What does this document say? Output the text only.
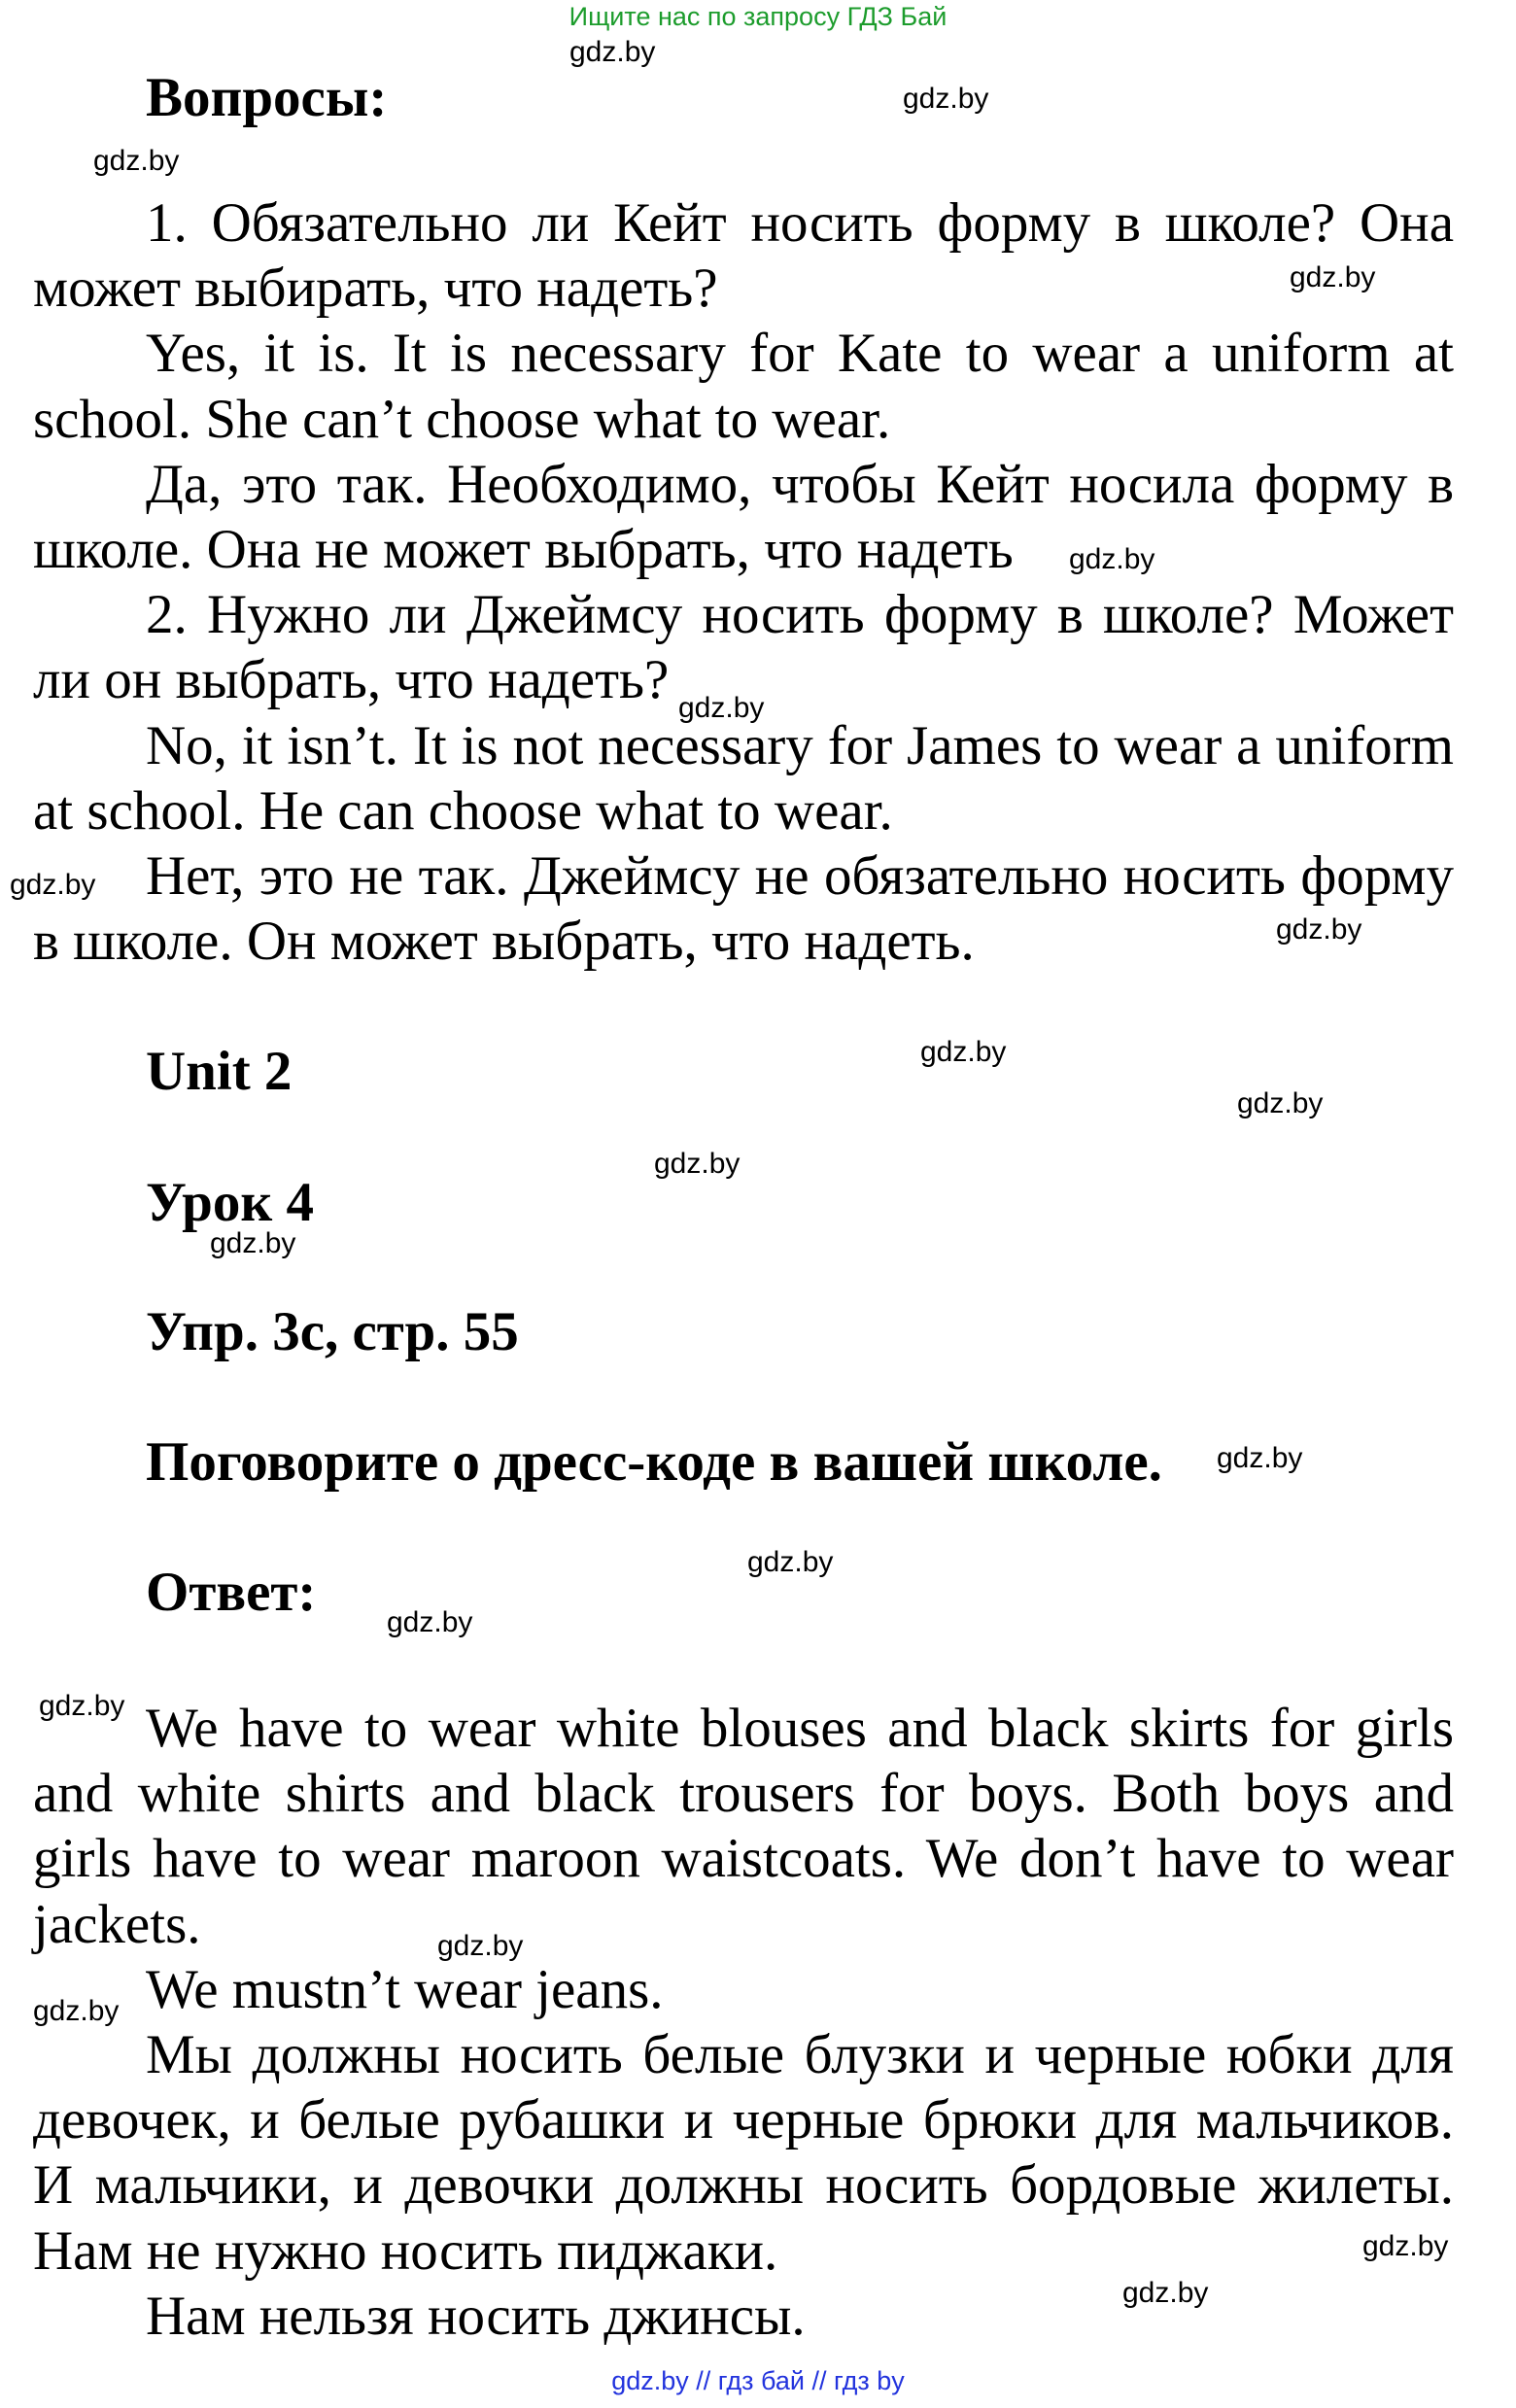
Ищите нас по запросу ГДЗ Бай
Вопросы:

1. Обязательно ли Кейт носить форму в школе? Она может выбирать, что надеть?

Yes, it is. It is necessary for Kate to wear a uniform at school. She can’t choose what to wear.

Да, это так. Необходимо, чтобы Кейт носила форму в школе. Она не может выбрать, что надеть

2. Нужно ли Джеймсу носить форму в школе? Может ли он выбрать, что надеть?

No, it isn’t. It is not necessary for James to wear a uniform at school. He can choose what to wear.

Нет, это не так. Джеймсу не обязательно носить форму в школе. Он может выбрать, что надеть.

Unit 2
Урок 4
Упр. 3с, стр. 55
Поговорите о дресс-коде в вашей школе.
Ответ:

We have to wear white blouses and black skirts for girls and white shirts and black trousers for boys. Both boys and girls have to wear maroon waistcoats. We don’t have to wear jackets.

We mustn’t wear jeans.

Мы должны носить белые блузки и черные юбки для девочек, и белые рубашки и черные брюки для мальчиков. И мальчики, и девочки должны носить бордовые жилеты. Нам не нужно носить пиджаки.

Нам нельзя носить джинсы.

gdz.by
gdz.by
gdz.by
gdz.by
gdz.by
gdz.by
gdz.by
gdz.by
gdz.by
gdz.by
gdz.by
gdz.by
gdz.by
gdz.by
gdz.by
gdz.by
gdz.by
gdz.by
gdz.by
gdz.by
gdz.by // гдз бай // гдз by
